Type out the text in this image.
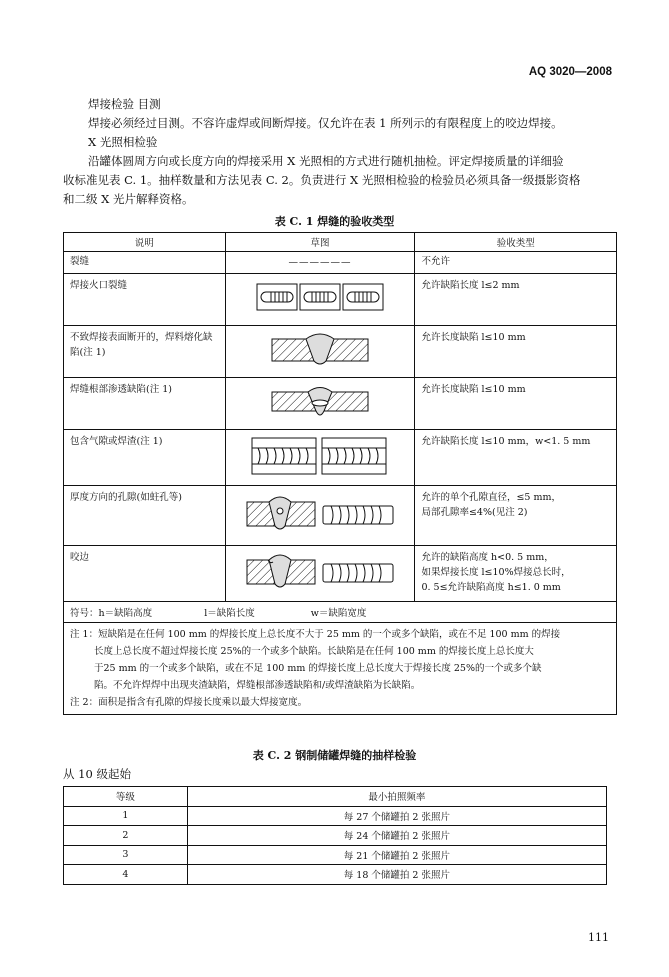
AQ 3020—2008
焊接检验 目测
焊接必须经过目测。不容许虚焊或间断焊接。仅允许在表 1 所列示的有限程度上的咬边焊接。
X 光照相检验
沿罐体圆周方向或长度方向的焊接采用 X 光照相的方式进行随机抽检。评定焊接质量的详细验
收标准见表 C. 1。抽样数量和方法见表 C. 2。负责进行 X 光照相检验的检验员必须具备一级摄影资格
和二级 X 光片解释资格。
表 C. 1 焊缝的验收类型
说明	草图	验收类型
裂缝	——————	不允许
焊接火口裂缝		允许缺陷长度 l≤2 mm
不致焊接表面断开的，焊料熔化缺陷(注 1)		允许长度缺陷 l≤10 mm
焊缝根部渗透缺陷(注 1)		允许长度缺陷 l≤10 mm
包含气隙或焊渣(注 1)		允许缺陷长度 l≤10 mm，w<1. 5 mm
厚度方向的孔隙(如蛀孔等)		允许的单个孔隙直径，≤5 mm，
局部孔隙率≤4%(见注 2)

咬边		允许的缺陷高度 h<0. 5 mm，
如果焊接长度 l≤10%焊接总长时，
0. 5≤允许缺陷高度 h≤1. 0 mm

符号：h＝缺陷高度 l＝缺陷长度 w＝缺陷宽度		

注 1：短缺陷是在任何 100 mm 的焊接长度上总长度不大于 25 mm 的一个或多个缺陷，或在不足 100 mm 的焊接
长度上总长度不超过焊接长度 25%的一个或多个缺陷。长缺陷是在任何 100 mm 的焊接长度上总长度大
于25 mm 的一个或多个缺陷，或在不足 100 mm 的焊接长度上总长度大于焊接长度 25%的一个或多个缺
陷。不允许焊焊中出现夹渣缺陷，焊缝根部渗透缺陷和/或焊渣缺陷为长缺陷。
注 2：面积是指含有孔隙的焊接长度乘以最大焊接宽度。		
表 C. 2 钢制储罐焊缝的抽样检验
从 10 级起始
等级	最小拍照频率
1	每 27 个储罐拍 2 张照片
2	每 24 个储罐拍 2 张照片
3	每 21 个储罐拍 2 张照片
4	每 18 个储罐拍 2 张照片
111
